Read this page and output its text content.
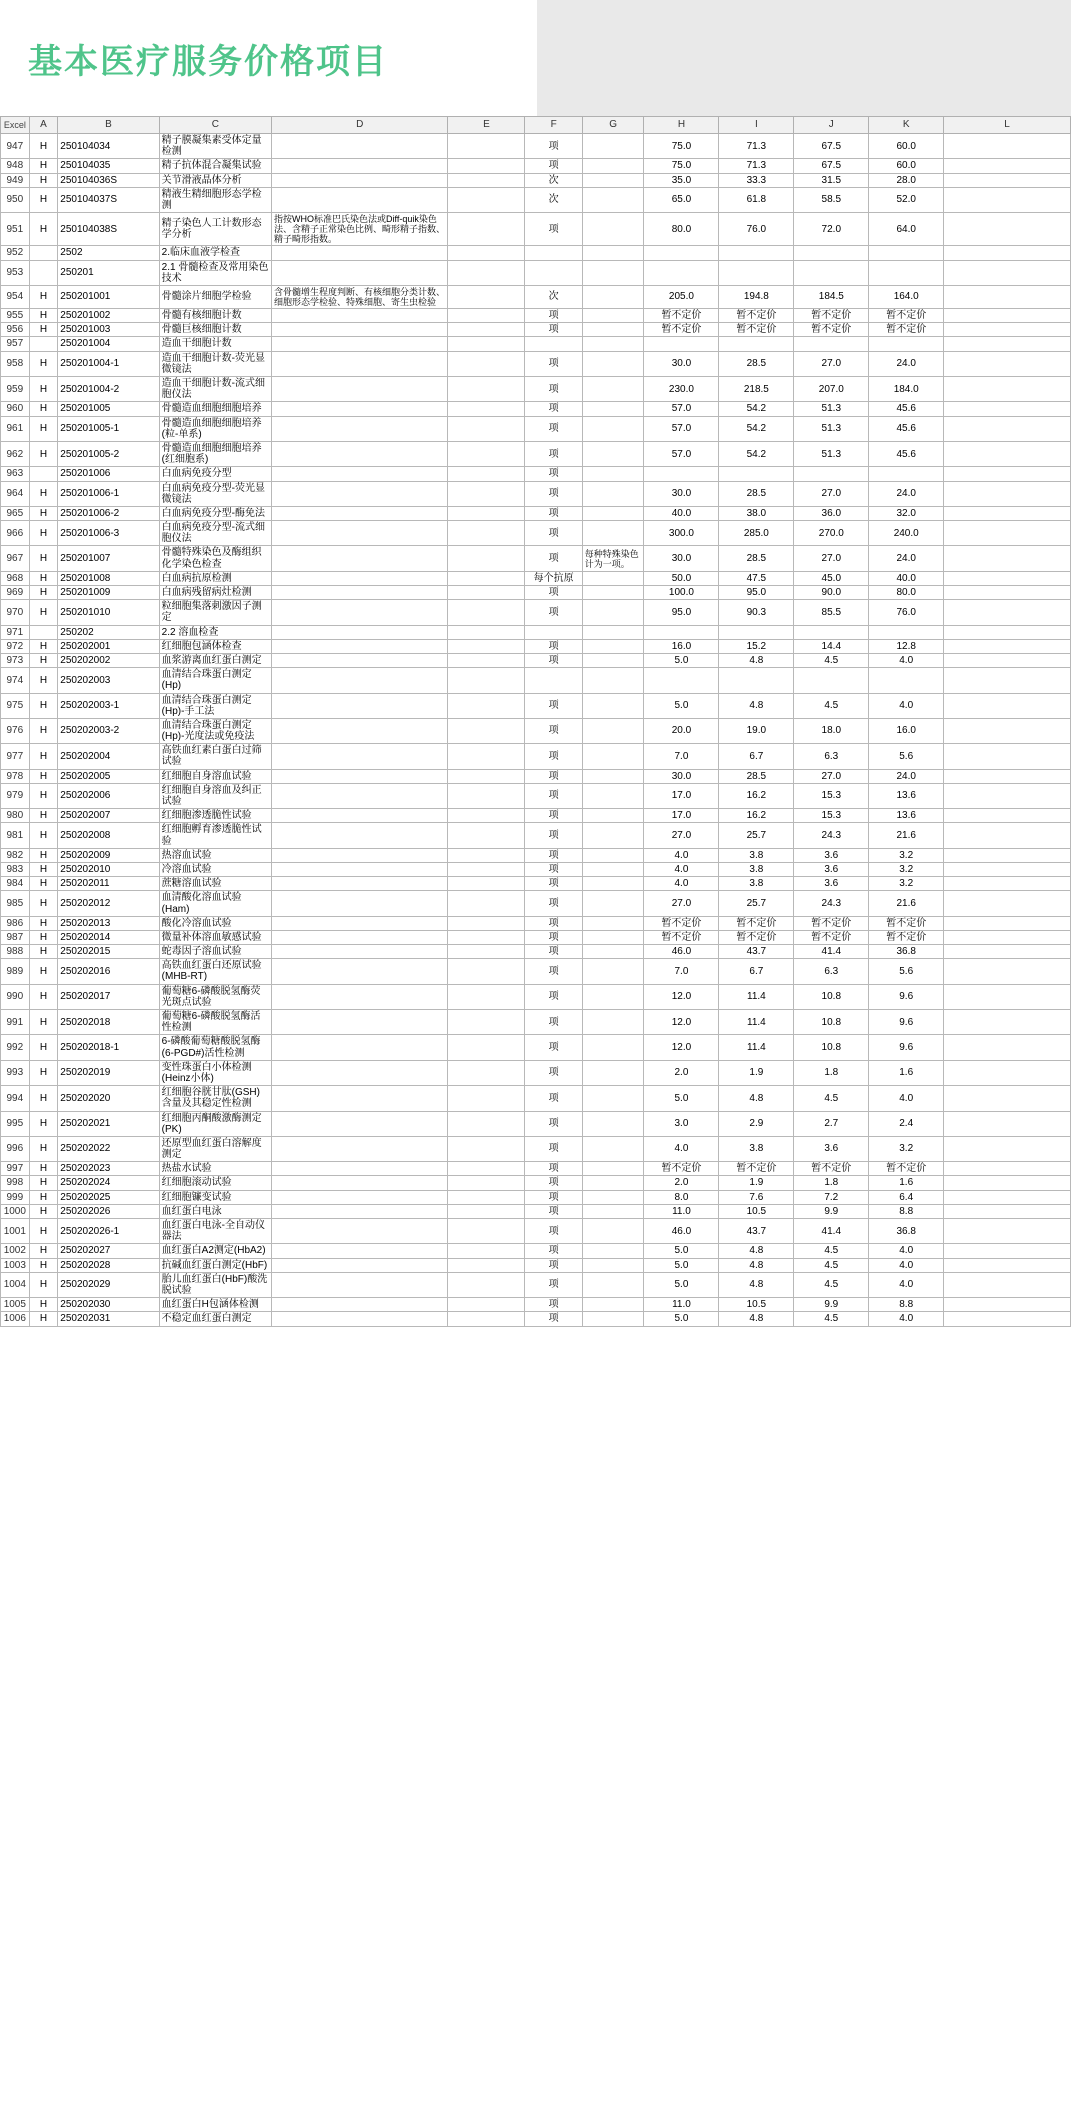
基本医疗服务价格项目
Excel	A	B	C	D	E	F	G	H	I	J	K	L
947	H	250104034	精子膜凝集素受体定量检测			项		75.0	71.3	67.5	60.0	
948	H	250104035	精子抗体混合凝集试验			项		75.0	71.3	67.5	60.0	
949	H	250104036S	关节滑液晶体分析			次		35.0	33.3	31.5	28.0	
950	H	250104037S	精液生精细胞形态学检测			次		65.0	61.8	58.5	52.0	
951	H	250104038S	精子染色人工计数形态学分析	指按WHO标准巴氏染色法或Diff-quik染色法、含精子正常染色比例、畸形精子指数、精子畸形指数。		项		80.0	76.0	72.0	64.0	
952		2502	2.临床血液学检查									
953		250201	2.1 骨髓检查及常用染色技术									
954	H	250201001	骨髓涂片细胞学检验	含骨髓增生程度判断、有核细胞分类计数、细胞形态学检验、特殊细胞、寄生虫检验		次		205.0	194.8	184.5	164.0	
955	H	250201002	骨髓有核细胞计数			项		暂不定价	暂不定价	暂不定价	暂不定价	
956	H	250201003	骨髓巨核细胞计数			项		暂不定价	暂不定价	暂不定价	暂不定价	
957		250201004	造血干细胞计数									
958	H	250201004-1	造血干细胞计数-荧光显微镜法			项		30.0	28.5	27.0	24.0	
959	H	250201004-2	造血干细胞计数-流式细胞仪法			项		230.0	218.5	207.0	184.0	
960	H	250201005	骨髓造血细胞细胞培养			项		57.0	54.2	51.3	45.6	
961	H	250201005-1	骨髓造血细胞细胞培养(粒-单系)			项		57.0	54.2	51.3	45.6	
962	H	250201005-2	骨髓造血细胞细胞培养(红细胞系)			项		57.0	54.2	51.3	45.6	
963		250201006	白血病免疫分型			项						
964	H	250201006-1	白血病免疫分型-荧光显微镜法			项		30.0	28.5	27.0	24.0	
965	H	250201006-2	白血病免疫分型-酶免法			项		40.0	38.0	36.0	32.0	
966	H	250201006-3	白血病免疫分型-流式细胞仪法			项		300.0	285.0	270.0	240.0	
967	H	250201007	骨髓特殊染色及酶组织化学染色检查			项	每种特殊染色计为一项。	30.0	28.5	27.0	24.0	
968	H	250201008	白血病抗原检测			每个抗原		50.0	47.5	45.0	40.0	
969	H	250201009	白血病残留病灶检测			项		100.0	95.0	90.0	80.0	
970	H	250201010	粒细胞集落刺激因子测定			项		95.0	90.3	85.5	76.0	
971		250202	2.2 溶血检查									
972	H	250202001	红细胞包涵体检查			项		16.0	15.2	14.4	12.8	
973	H	250202002	血浆游离血红蛋白测定			项		5.0	4.8	4.5	4.0	
974	H	250202003	血清结合珠蛋白测定(Hp)									
975	H	250202003-1	血清结合珠蛋白测定(Hp)-手工法			项		5.0	4.8	4.5	4.0	
976	H	250202003-2	血清结合珠蛋白测定(Hp)-光度法或免疫法			项		20.0	19.0	18.0	16.0	
977	H	250202004	高铁血红素白蛋白过筛试验			项		7.0	6.7	6.3	5.6	
978	H	250202005	红细胞自身溶血试验			项		30.0	28.5	27.0	24.0	
979	H	250202006	红细胞自身溶血及纠正试验			项		17.0	16.2	15.3	13.6	
980	H	250202007	红细胞渗透脆性试验			项		17.0	16.2	15.3	13.6	
981	H	250202008	红细胞孵育渗透脆性试验			项		27.0	25.7	24.3	21.6	
982	H	250202009	热溶血试验			项		4.0	3.8	3.6	3.2	
983	H	250202010	冷溶血试验			项		4.0	3.8	3.6	3.2	
984	H	250202011	蔗糖溶血试验			项		4.0	3.8	3.6	3.2	
985	H	250202012	血清酸化溶血试验(Ham)			项		27.0	25.7	24.3	21.6	
986	H	250202013	酸化冷溶血试验			项		暂不定价	暂不定价	暂不定价	暂不定价	
987	H	250202014	微量补体溶血敏感试验			项		暂不定价	暂不定价	暂不定价	暂不定价	
988	H	250202015	蛇毒因子溶血试验			项		46.0	43.7	41.4	36.8	
989	H	250202016	高铁血红蛋白还原试验(MHB-RT)			项		7.0	6.7	6.3	5.6	
990	H	250202017	葡萄糖6-磷酸脱氢酶荧光斑点试验			项		12.0	11.4	10.8	9.6	
991	H	250202018	葡萄糖6-磷酸脱氢酶活性检测			项		12.0	11.4	10.8	9.6	
992	H	250202018-1	6-磷酸葡萄糖酸脱氢酶(6-PGD#)活性检测			项		12.0	11.4	10.8	9.6	
993	H	250202019	变性珠蛋白小体检测(Heinz小体)			项		2.0	1.9	1.8	1.6	
994	H	250202020	红细胞谷胱甘肽(GSH)含量及其稳定性检测			项		5.0	4.8	4.5	4.0	
995	H	250202021	红细胞丙酮酸激酶测定(PK)			项		3.0	2.9	2.7	2.4	
996	H	250202022	还原型血红蛋白溶解度测定			项		4.0	3.8	3.6	3.2	
997	H	250202023	热盐水试验			项		暂不定价	暂不定价	暂不定价	暂不定价	
998	H	250202024	红细胞滚动试验			项		2.0	1.9	1.8	1.6	
999	H	250202025	红细胞镰变试验			项		8.0	7.6	7.2	6.4	
1000	H	250202026	血红蛋白电泳			项		11.0	10.5	9.9	8.8	
1001	H	250202026-1	血红蛋白电泳-全自动仪器法			项		46.0	43.7	41.4	36.8	
1002	H	250202027	血红蛋白A2测定(HbA2)			项		5.0	4.8	4.5	4.0	
1003	H	250202028	抗碱血红蛋白测定(HbF)			项		5.0	4.8	4.5	4.0	
1004	H	250202029	胎儿血红蛋白(HbF)酸洗脱试验			项		5.0	4.8	4.5	4.0	
1005	H	250202030	血红蛋白H包涵体检测			项		11.0	10.5	9.9	8.8	
1006	H	250202031	不稳定血红蛋白测定			项		5.0	4.8	4.5	4.0	
